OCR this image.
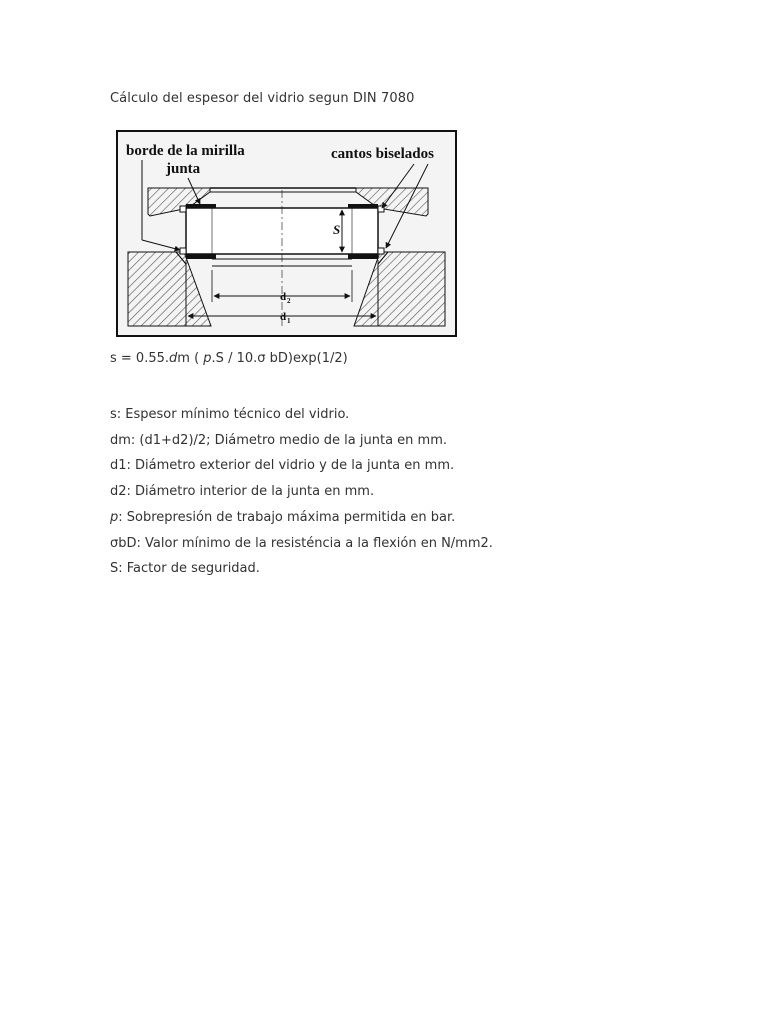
Cálculo del espesor del vidrio segun DIN 7080
S
d 2
d 1
borde de la mirilla
junta
cantos biselados
s = 0.55.dm ( p.S / 10.σ bD)exp(1/2)
s: Espesor mínimo técnico del vidrio.
dm: (d1+d2)/2; Diámetro medio de la junta en mm.
d1: Diámetro exterior del vidrio y de la junta en mm.
d2: Diámetro interior de la junta en mm.
p: Sobrepresión de trabajo máxima permitida en bar.
σbD: Valor mínimo de la resisténcia a la flexión en N/mm2.
S: Factor de seguridad.
